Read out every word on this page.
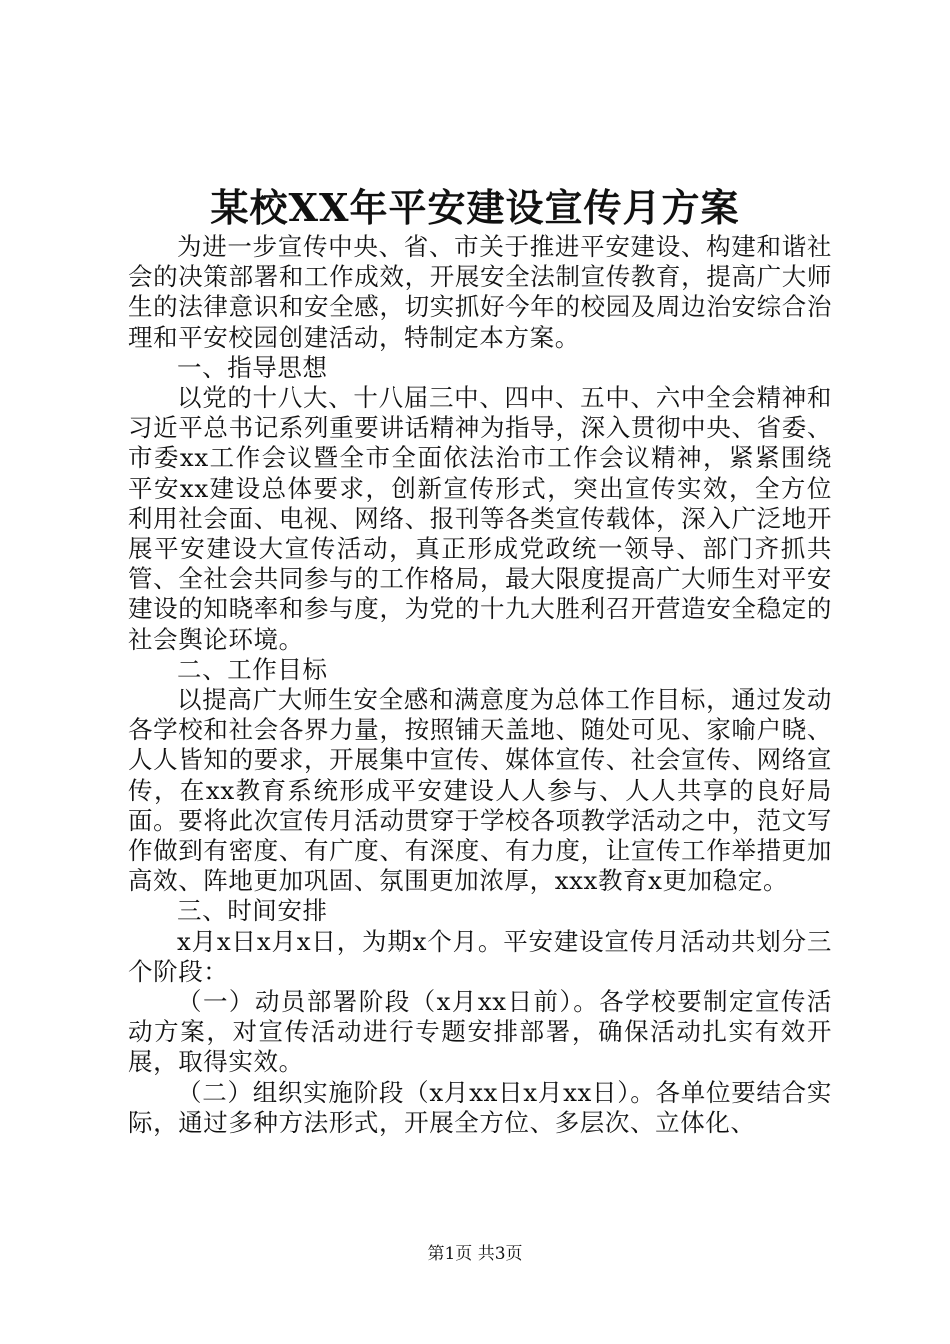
某校XX年平安建设宣传月方案

为进一步宣传中央、省、市关于推进平安建设、构建和谐社会的决策部署和工作成效，开展安全法制宣传教育，提高广大师生的法律意识和安全感，切实抓好今年的校园及周边治安综合治理和平安校园创建活动，特制定本方案。

一、指导思想

以党的十八大、十八届三中、四中、五中、六中全会精神和习近平总书记系列重要讲话精神为指导，深入贯彻中央、省委、市委xx工作会议暨全市全面依法治市工作会议精神，紧紧围绕平安xx建设总体要求，创新宣传形式，突出宣传实效，全方位利用社会面、电视、网络、报刊等各类宣传载体，深入广泛地开展平安建设大宣传活动，真正形成党政统一领导、部门齐抓共管、全社会共同参与的工作格局，最大限度提高广大师生对平安建设的知晓率和参与度，为党的十九大胜利召开营造安全稳定的社会舆论环境。

二、工作目标

以提高广大师生安全感和满意度为总体工作目标，通过发动各学校和社会各界力量，按照铺天盖地、随处可见、家喻户晓、人人皆知的要求，开展集中宣传、媒体宣传、社会宣传、网络宣传，在xx教育系统形成平安建设人人参与、人人共享的良好局面。要将此次宣传月活动贯穿于学校各项教学活动之中，范文写作做到有密度、有广度、有深度、有力度，让宣传工作举措更加高效、阵地更加巩固、氛围更加浓厚，xxx教育x更加稳定。

三、时间安排

x月x日x月x日，为期x个月。平安建设宣传月活动共划分三个阶段：

（一）动员部署阶段（x月xx日前）。各学校要制定宣传活动方案，对宣传活动进行专题安排部署，确保活动扎实有效开展，取得实效。

（二）组织实施阶段（x月xx日x月xx日）。各单位要结合实际，通过多种方法形式，开展全方位、多层次、立体化、

第1页 共3页
